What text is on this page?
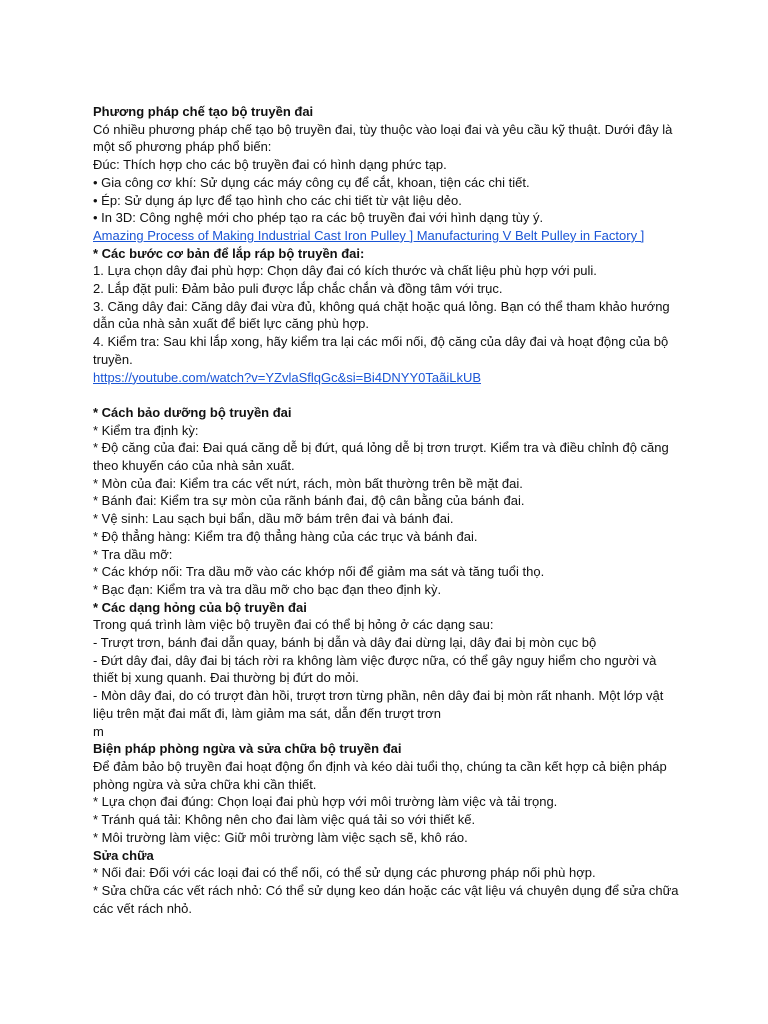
Phương pháp chế tạo bộ truyền đai
Có nhiều phương pháp chế tạo bộ truyền đai, tùy thuộc vào loại đai và yêu cầu kỹ thuật. Dưới đây là một số phương pháp phổ biến:
Đúc: Thích hợp cho các bộ truyền đai có hình dạng phức tạp.
• Gia công cơ khí: Sử dụng các máy công cụ để cắt, khoan, tiện các chi tiết.
• Ép: Sử dụng áp lực để tạo hình cho các chi tiết từ vật liệu dẻo.
• In 3D: Công nghệ mới cho phép tạo ra các bộ truyền đai với hình dạng tùy ý.
Amazing Process of Making Industrial Cast Iron Pulley ] Manufacturing V Belt Pulley in Factory ]
* Các bước cơ bản để lắp ráp bộ truyền đai:
1. Lựa chọn dây đai phù hợp: Chọn dây đai có kích thước và chất liệu phù hợp với puli.
2. Lắp đặt puli: Đảm bảo puli được lắp chắc chắn và đồng tâm với trục.
3. Căng dây đai: Căng dây đai vừa đủ, không quá chặt hoặc quá lỏng. Bạn có thể tham khảo hướng dẫn của nhà sản xuất để biết lực căng phù hợp.
4. Kiểm tra: Sau khi lắp xong, hãy kiểm tra lại các mối nối, độ căng của dây đai và hoạt động của bộ truyền.
https://youtube.com/watch?v=YZvlaSflqGc&si=Bi4DNYY0TaãiLkUB
* Cách bảo dưỡng bộ truyền đai
* Kiểm tra định kỳ:
* Độ căng của đai: Đai quá căng dễ bị đứt, quá lỏng dễ bị trơn trượt. Kiểm tra và điều chỉnh độ căng theo khuyến cáo của nhà sản xuất.
* Mòn của đai: Kiểm tra các vết nứt, rách, mòn bất thường trên bề mặt đai.
* Bánh đai: Kiểm tra sự mòn của rãnh bánh đai, độ cân bằng của bánh đai.
* Vệ sinh: Lau sạch bụi bẩn, dầu mỡ bám trên đai và bánh đai.
* Độ thẳng hàng: Kiểm tra độ thẳng hàng của các trục và bánh đai.
* Tra dầu mỡ:
* Các khớp nối: Tra dầu mỡ vào các khớp nối để giảm ma sát và tăng tuổi thọ.
* Bạc đạn: Kiểm tra và tra dầu mỡ cho bạc đạn theo định kỳ.
* Các dạng hỏng của bộ truyền đai
Trong quá trình làm việc bộ truyền đai có thể bị hỏng ở các dạng sau:
- Trượt trơn, bánh đai dẫn quay, bánh bị dẫn và dây đai dừng lại, dây đai bị mòn cục bộ
- Đứt dây đai, dây đai bị tách rời ra không làm việc được nữa, có thể gây nguy hiểm cho người và thiết bị xung quanh. Đai thường bị đứt do mỏi.
- Mòn dây đai, do có trượt đàn hồi, trượt trơn từng phần, nên dây đai bị mòn rất nhanh. Một lớp vật liệu trên mặt đai mất đi, làm giảm ma sát, dẫn đến trượt trơn
m
Biện pháp phòng ngừa và sửa chữa bộ truyền đai
Để đảm bảo bộ truyền đai hoạt động ổn định và kéo dài tuổi thọ, chúng ta cần kết hợp cả biện pháp phòng ngừa và sửa chữa khi cần thiết.
* Lựa chọn đai đúng: Chọn loại đai phù hợp với môi trường làm việc và tải trọng.
* Tránh quá tải: Không nên cho đai làm việc quá tải so với thiết kế.
* Môi trường làm việc: Giữ môi trường làm việc sạch sẽ, khô ráo.
Sửa chữa
* Nối đai: Đối với các loại đai có thể nối, có thể sử dụng các phương pháp nối phù hợp.
* Sửa chữa các vết rách nhỏ: Có thể sử dụng keo dán hoặc các vật liệu vá chuyên dụng để sửa chữa các vết rách nhỏ.
